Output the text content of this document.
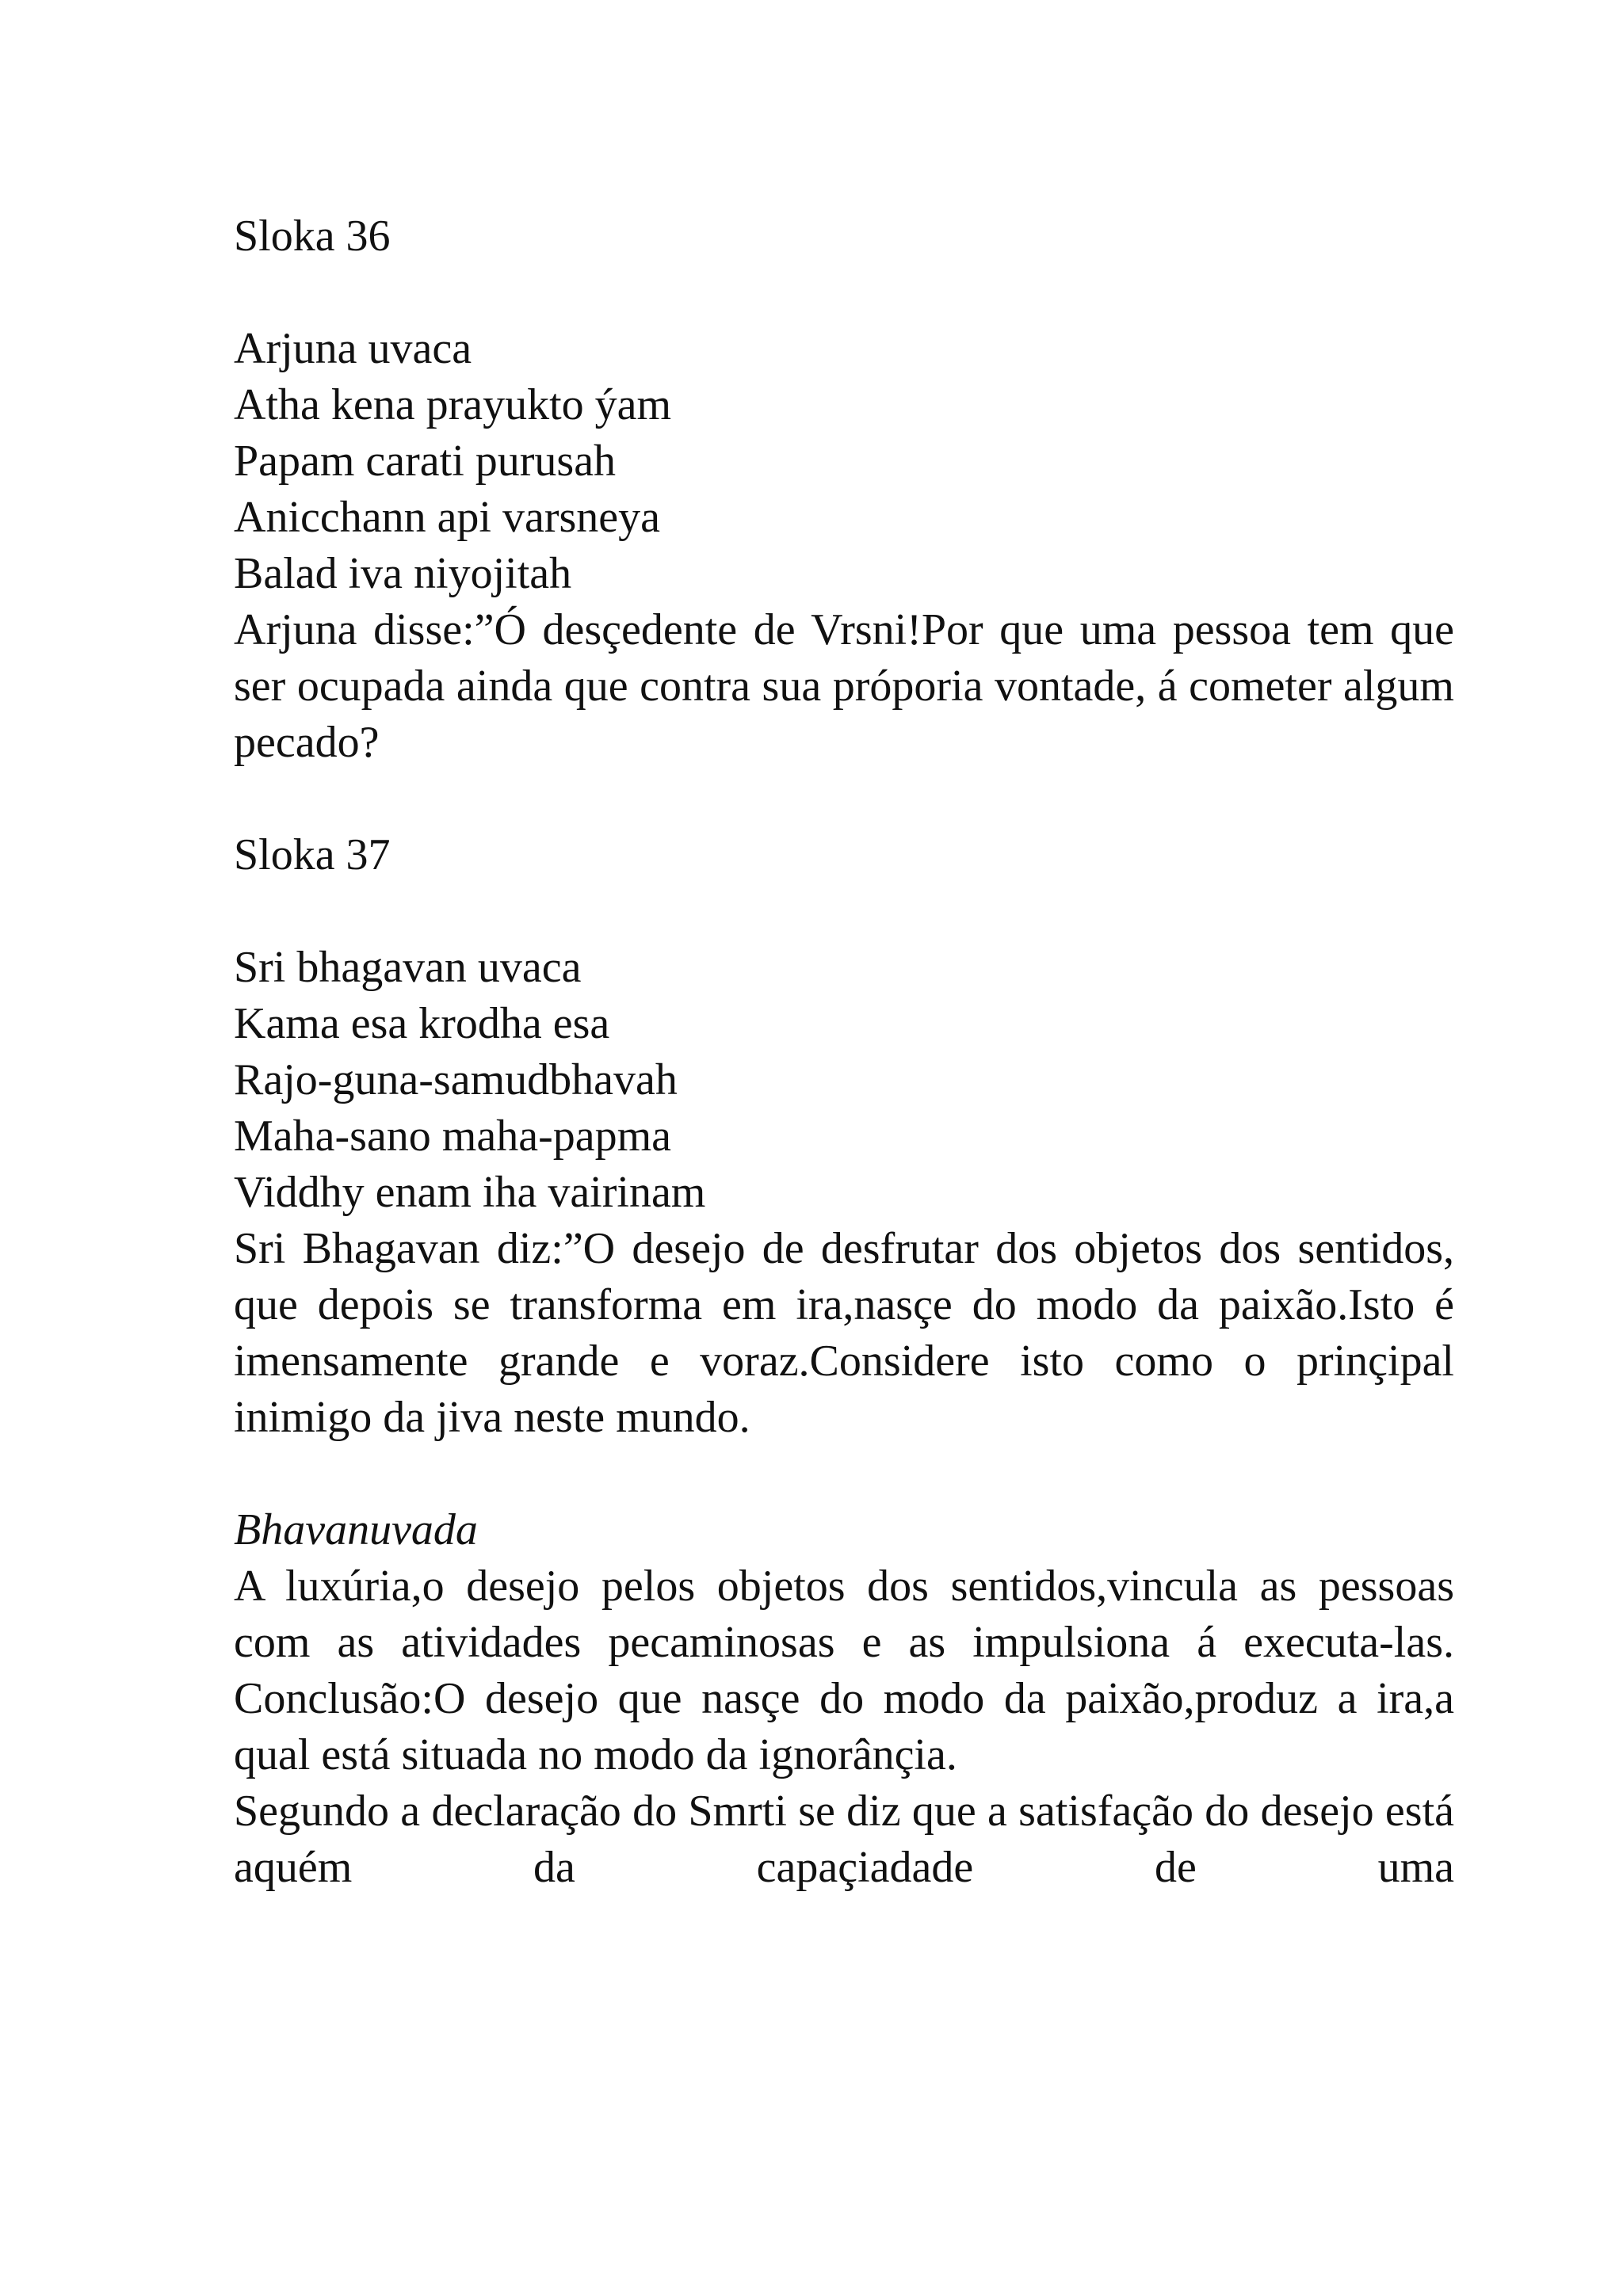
Sloka 36

Arjuna uvaca
Atha kena prayukto ýam
Papam carati purusah
Anicchann api varsneya
Balad iva niyojitah

Arjuna disse:”Ó desçedente de Vrsni!Por que uma pessoa tem que ser ocupada ainda que contra sua próporia vontade, á cometer algum pecado?

Sloka 37

Sri bhagavan uvaca
Kama esa krodha esa
Rajo-guna-samudbhavah
Maha-sano maha-papma
Viddhy enam iha vairinam

Sri Bhagavan diz:”O desejo de desfrutar dos objetos dos sentidos, que depois se transforma em ira,nasçe do modo da paixão.Isto é imensamente grande e voraz.Considere isto como o prinçipal inimigo da jiva neste mundo.

Bhavanuvada

A luxúria,o desejo pelos objetos dos sentidos,vincula as pessoas com as atividades pecaminosas e as impulsiona á executa-las. Conclusão:O desejo que nasçe do modo da paixão,produz a ira,a qual está situada no modo da ignorânçia.

Segundo a declaração do Smrti se diz que a satisfação do desejo está aquém da capaçiadade de uma
